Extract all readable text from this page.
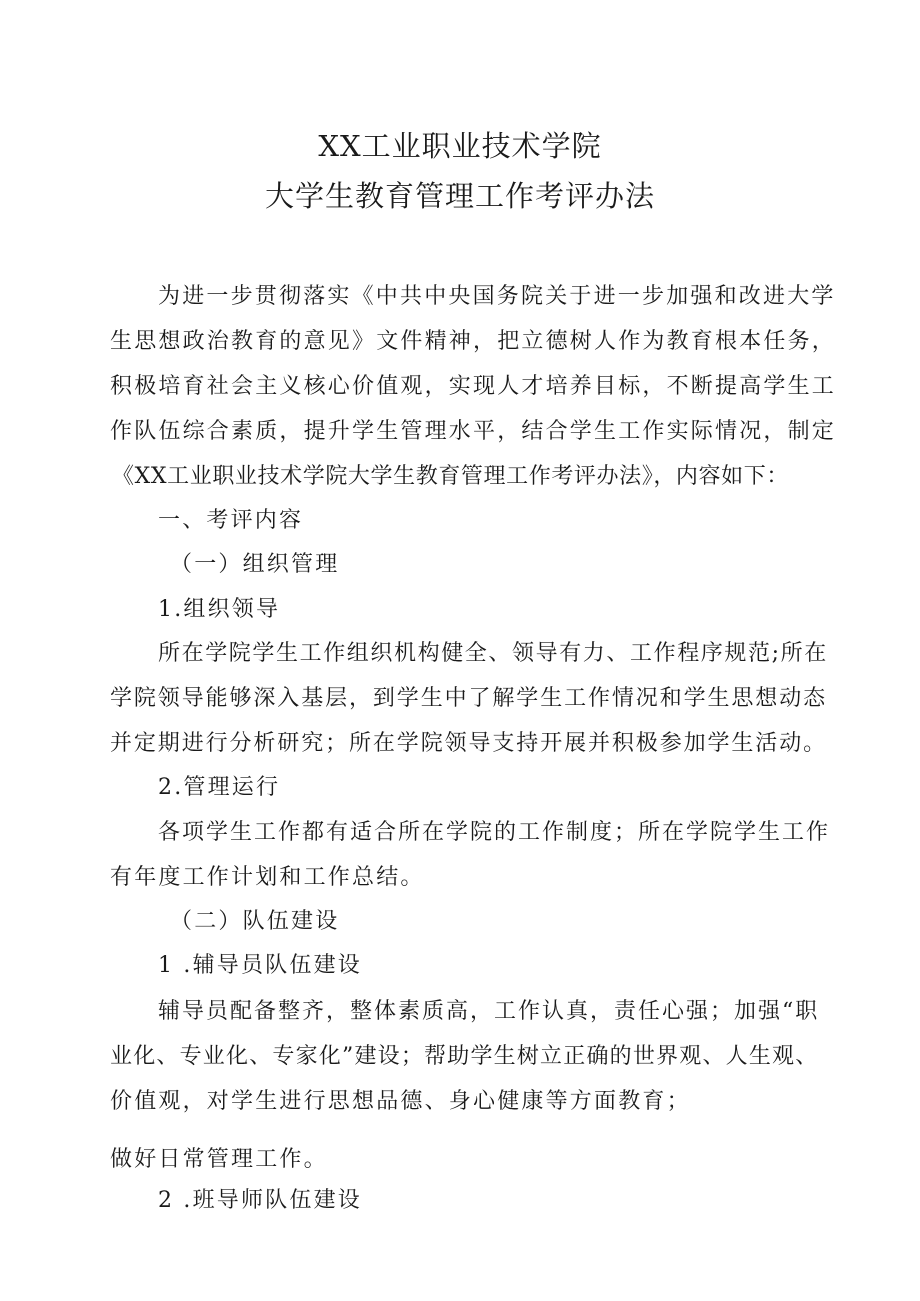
XX工业职业技术学院
大学生教育管理工作考评办法
为进一步贯彻落实《中共中央国务院关于进一步加强和改进大学
生思想政治教育的意见》文件精神，把立德树人作为教育根本任务，
积极培育社会主义核心价值观，实现人才培养目标，不断提高学生工
作队伍综合素质，提升学生管理水平，结合学生工作实际情况，制定
《XX工业职业技术学院大学生教育管理工作考评办法》，内容如下：
一、考评内容
（一）组织管理
1.组织领导
所在学院学生工作组织机构健全、领导有力、工作程序规范;所在
学院领导能够深入基层，到学生中了解学生工作情况和学生思想动态
并定期进行分析研究；所在学院领导支持开展并积极参加学生活动。
2.管理运行
各项学生工作都有适合所在学院的工作制度；所在学院学生工作
有年度工作计划和工作总结。
（二）队伍建设
1 .辅导员队伍建设
辅导员配备整齐，整体素质高，工作认真，责任心强；加强“职
业化、专业化、专家化”建设；帮助学生树立正确的世界观、人生观、
价值观，对学生进行思想品德、身心健康等方面教育；
做好日常管理工作。
2 .班导师队伍建设
